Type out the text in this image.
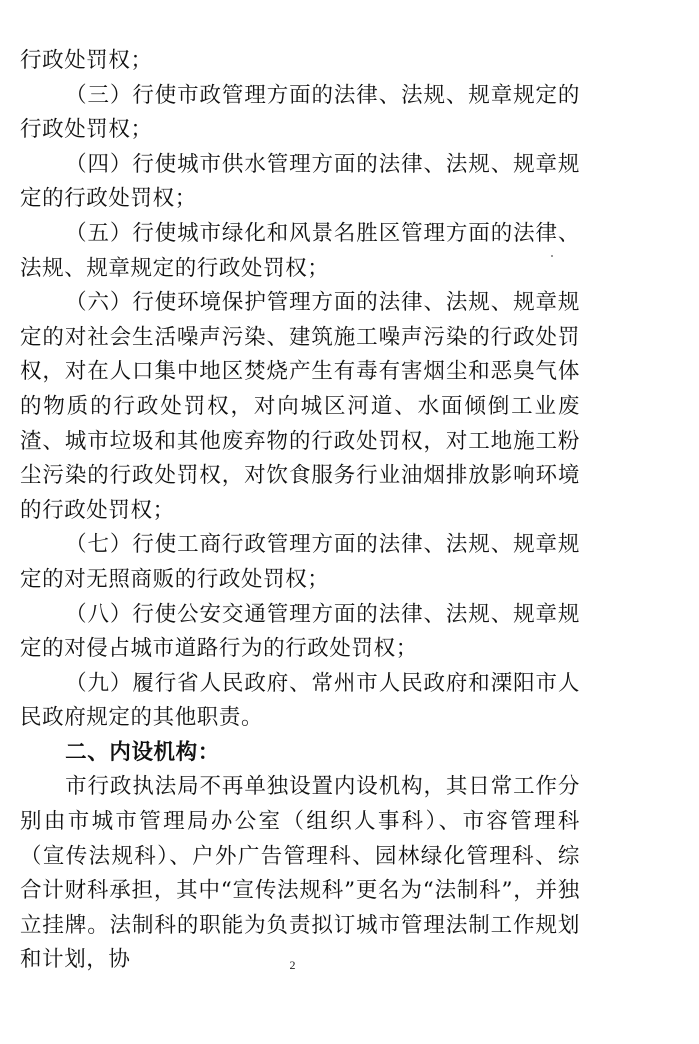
行政处罚权；

（三）行使市政管理方面的法律、法规、规章规定的行政处罚权；

（四）行使城市供水管理方面的法律、法规、规章规定的行政处罚权；

（五）行使城市绿化和风景名胜区管理方面的法律、法规、规章规定的行政处罚权；

（六）行使环境保护管理方面的法律、法规、规章规定的对社会生活噪声污染、建筑施工噪声污染的行政处罚权，对在人口集中地区焚烧产生有毒有害烟尘和恶臭气体的物质的行政处罚权，对向城区河道、水面倾倒工业废渣、城市垃圾和其他废弃物的行政处罚权，对工地施工粉尘污染的行政处罚权，对饮食服务行业油烟排放影响环境的行政处罚权；

（七）行使工商行政管理方面的法律、法规、规章规定的对无照商贩的行政处罚权；

（八）行使公安交通管理方面的法律、法规、规章规定的对侵占城市道路行为的行政处罚权；

（九）履行省人民政府、常州市人民政府和溧阳市人民政府规定的其他职责。

二、内设机构：

市行政执法局不再单独设置内设机构，其日常工作分别由市城市管理局办公室（组织人事科）、市容管理科（宣传法规科）、户外广告管理科、园林绿化管理科、综合计财科承担，其中“宣传法规科”更名为“法制科”，并独立挂牌。法制科的职能为负责拟订城市管理法制工作规划和计划，协	2
